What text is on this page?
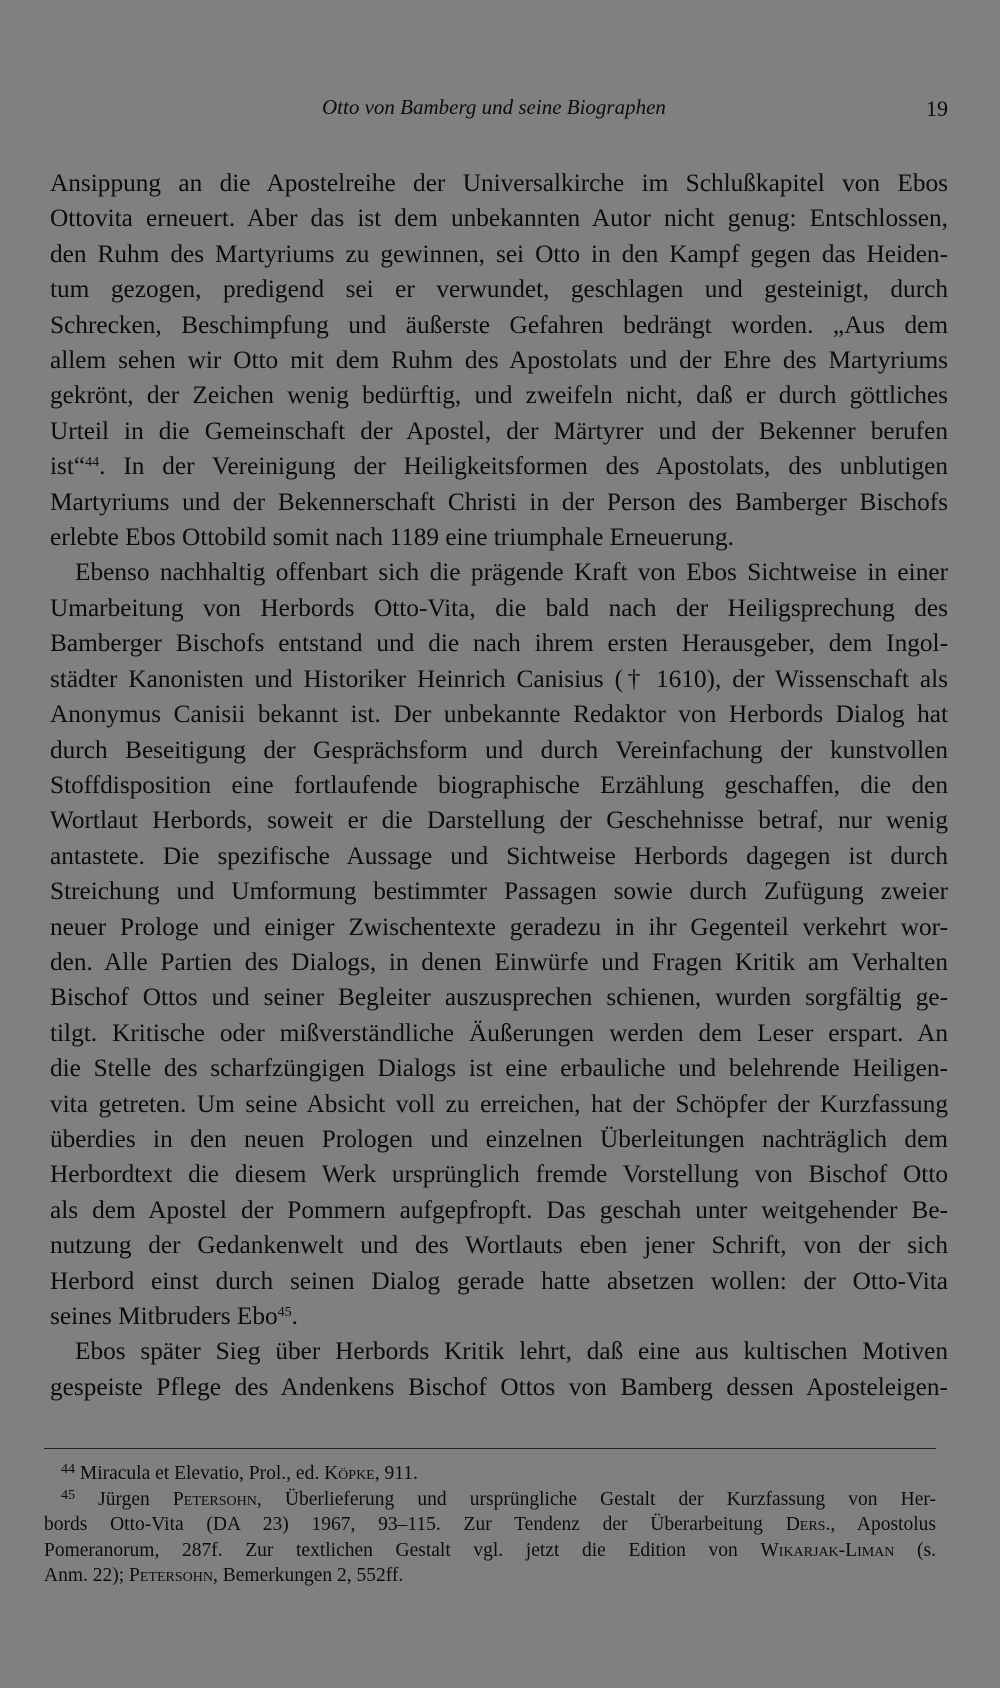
Otto von Bamberg und seine Biographen	19

Ansippung an die Apostelreihe der Universalkirche im Schlußkapitel von Ebos
Ottovita erneuert. Aber das ist dem unbekannten Autor nicht genug: Entschlossen,
den Ruhm des Martyriums zu gewinnen, sei Otto in den Kampf gegen das Heiden-
tum gezogen, predigend sei er verwundet, geschlagen und gesteinigt, durch
Schrecken, Beschimpfung und äußerste Gefahren bedrängt worden. „Aus dem
allem sehen wir Otto mit dem Ruhm des Apostolats und der Ehre des Martyriums
gekrönt, der Zeichen wenig bedürftig, und zweifeln nicht, daß er durch göttliches
Urteil in die Gemeinschaft der Apostel, der Märtyrer und der Bekenner berufen
ist“$^{44}$. In der Vereinigung der Heiligkeitsformen des Apostolats, des unblutigen
Martyriums und der Bekennerschaft Christi in der Person des Bamberger Bischofs
erlebte Ebos Ottobild somit nach 1189 eine triumphale Erneuerung.

Ebenso nachhaltig offenbart sich die prägende Kraft von Ebos Sichtweise in einer
Umarbeitung von Herbords Otto-Vita, die bald nach der Heiligsprechung des
Bamberger Bischofs entstand und die nach ihrem ersten Herausgeber, dem Ingol-
städter Kanonisten und Historiker Heinrich Canisius († 1610), der Wissenschaft als
Anonymus Canisii bekannt ist. Der unbekannte Redaktor von Herbords Dialog hat
durch Beseitigung der Gesprächsform und durch Vereinfachung der kunstvollen
Stoffdisposition eine fortlaufende biographische Erzählung geschaffen, die den
Wortlaut Herbords, soweit er die Darstellung der Geschehnisse betraf, nur wenig
antastete. Die spezifische Aussage und Sichtweise Herbords dagegen ist durch
Streichung und Umformung bestimmter Passagen sowie durch Zufügung zweier
neuer Prologe und einiger Zwischentexte geradezu in ihr Gegenteil verkehrt wor-
den. Alle Partien des Dialogs, in denen Einwürfe und Fragen Kritik am Verhalten
Bischof Ottos und seiner Begleiter auszusprechen schienen, wurden sorgfältig ge-
tilgt. Kritische oder mißverständliche Äußerungen werden dem Leser erspart. An
die Stelle des scharfzüngigen Dialogs ist eine erbauliche und belehrende Heiligen-
vita getreten. Um seine Absicht voll zu erreichen, hat der Schöpfer der Kurzfassung
überdies in den neuen Prologen und einzelnen Überleitungen nachträglich dem
Herbordtext die diesem Werk ursprünglich fremde Vorstellung von Bischof Otto
als dem Apostel der Pommern aufgepfropft. Das geschah unter weitgehender Be-
nutzung der Gedankenwelt und des Wortlauts eben jener Schrift, von der sich
Herbord einst durch seinen Dialog gerade hatte absetzen wollen: der Otto-Vita
seines Mitbruders Ebo$^{45}$.

Ebos später Sieg über Herbords Kritik lehrt, daß eine aus kultischen Motiven
gespeiste Pflege des Andenkens Bischof Ottos von Bamberg dessen Aposteleigen-

$^{44}$ Miracula et Elevatio, Prol., ed. Köpke, 911.
$^{45}$ Jürgen Petersohn, Überlieferung und ursprüngliche Gestalt der Kurzfassung von Her-
bords Otto-Vita (DA 23) 1967, 93–115. Zur Tendenz der Überarbeitung Ders., Apostolus
Pomeranorum, 287f. Zur textlichen Gestalt vgl. jetzt die Edition von Wikarjak-Liman (s.
Anm. 22); Petersohn, Bemerkungen 2, 552ff.
